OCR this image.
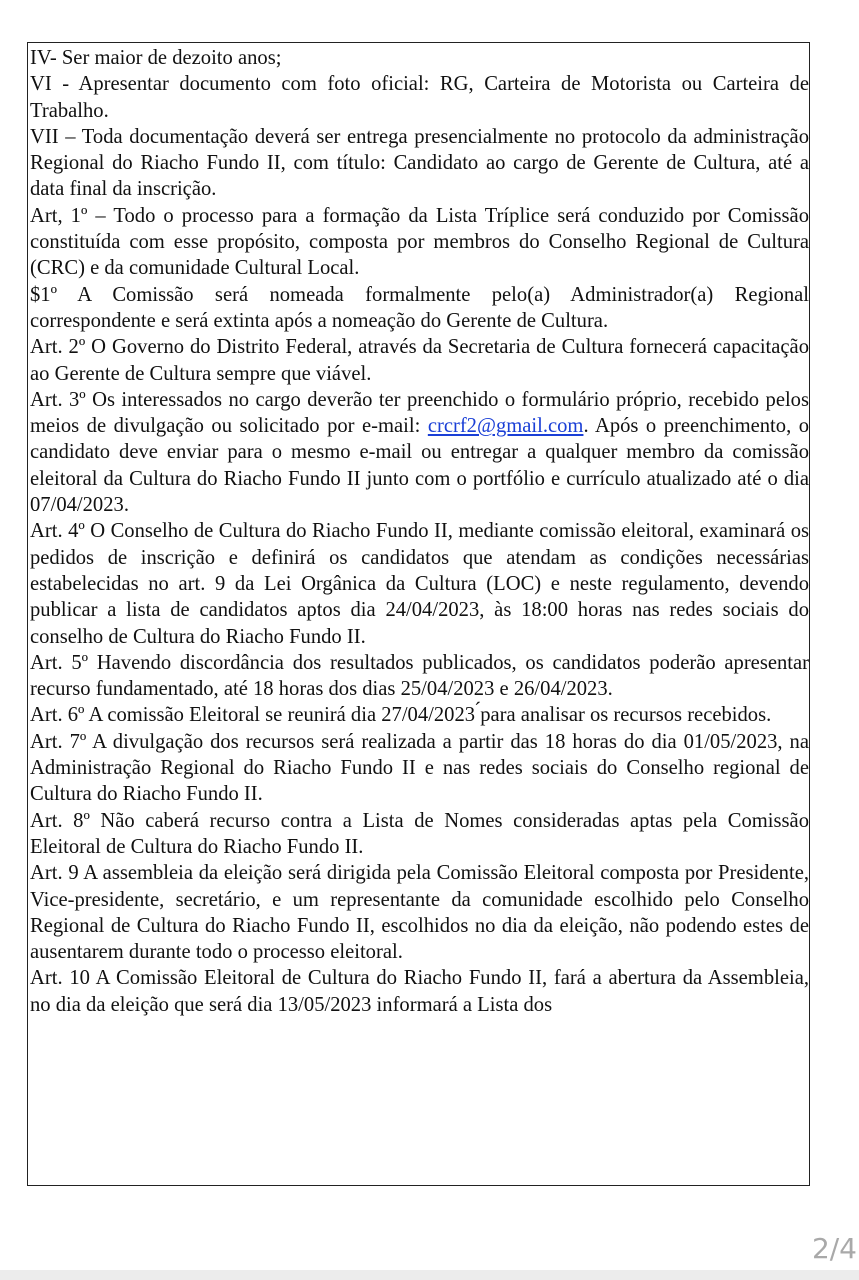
IV- Ser maior de dezoito anos;

VI - Apresentar documento com foto oficial: RG, Carteira de Motorista ou Carteira de Trabalho.

VII – Toda documentação deverá ser entrega presencialmente no protocolo da administração Regional do Riacho Fundo II, com título: Candidato ao cargo de Gerente de Cultura, até a data final da inscrição.

Art, 1º – Todo o processo para a formação da Lista Tríplice será conduzido por Comissão constituída com esse propósito, composta por membros do Conselho Regional de Cultura (CRC) e da comunidade Cultural Local.

$1º A Comissão será nomeada formalmente pelo(a) Administrador(a) Regional correspondente e será extinta após a nomeação do Gerente de Cultura.

Art. 2º O Governo do Distrito Federal, através da Secretaria de Cultura fornecerá capacitação ao Gerente de Cultura sempre que viável.

Art. 3º Os interessados no cargo deverão ter preenchido o formulário próprio, recebido pelos meios de divulgação ou solicitado por e-mail: crcrf2@gmail.com. Após o preenchimento, o candidato deve enviar para o mesmo e-mail ou entregar a qualquer membro da comissão eleitoral da Cultura do Riacho Fundo II junto com o portfólio e currículo atualizado até o dia 07/04/2023.

Art. 4º O Conselho de Cultura do Riacho Fundo II, mediante comissão eleitoral, examinará os pedidos de inscrição e definirá os candidatos que atendam as condições necessárias estabelecidas no art. 9 da Lei Orgânica da Cultura (LOC) e neste regulamento, devendo publicar a lista de candidatos aptos dia 24/04/2023, às 18:00 horas nas redes sociais do conselho de Cultura do Riacho Fundo II.

Art. 5º Havendo discordância dos resultados publicados, os candidatos poderão apresentar recurso fundamentado, até 18 horas dos dias 25/04/2023 e 26/04/2023.

Art. 6º A comissão Eleitoral se reunirá dia 27/04/2023 ́para analisar os recursos recebidos.

Art. 7º A divulgação dos recursos será realizada a partir das 18 horas do dia 01/05/2023, na Administração Regional do Riacho Fundo II e nas redes sociais do Conselho regional de Cultura do Riacho Fundo II.

Art. 8º Não caberá recurso contra a Lista de Nomes consideradas aptas pela Comissão Eleitoral de Cultura do Riacho Fundo II.

Art. 9 A assembleia da eleição será dirigida pela Comissão Eleitoral composta por Presidente, Vice-presidente, secretário, e um representante da comunidade escolhido pelo Conselho Regional de Cultura do Riacho Fundo II, escolhidos no dia da eleição, não podendo estes de ausentarem durante todo o processo eleitoral.

Art. 10 A Comissão Eleitoral de Cultura do Riacho Fundo II, fará a abertura da Assembleia, no dia da eleição que será dia 13/05/2023 informará a Lista dos

2/4
